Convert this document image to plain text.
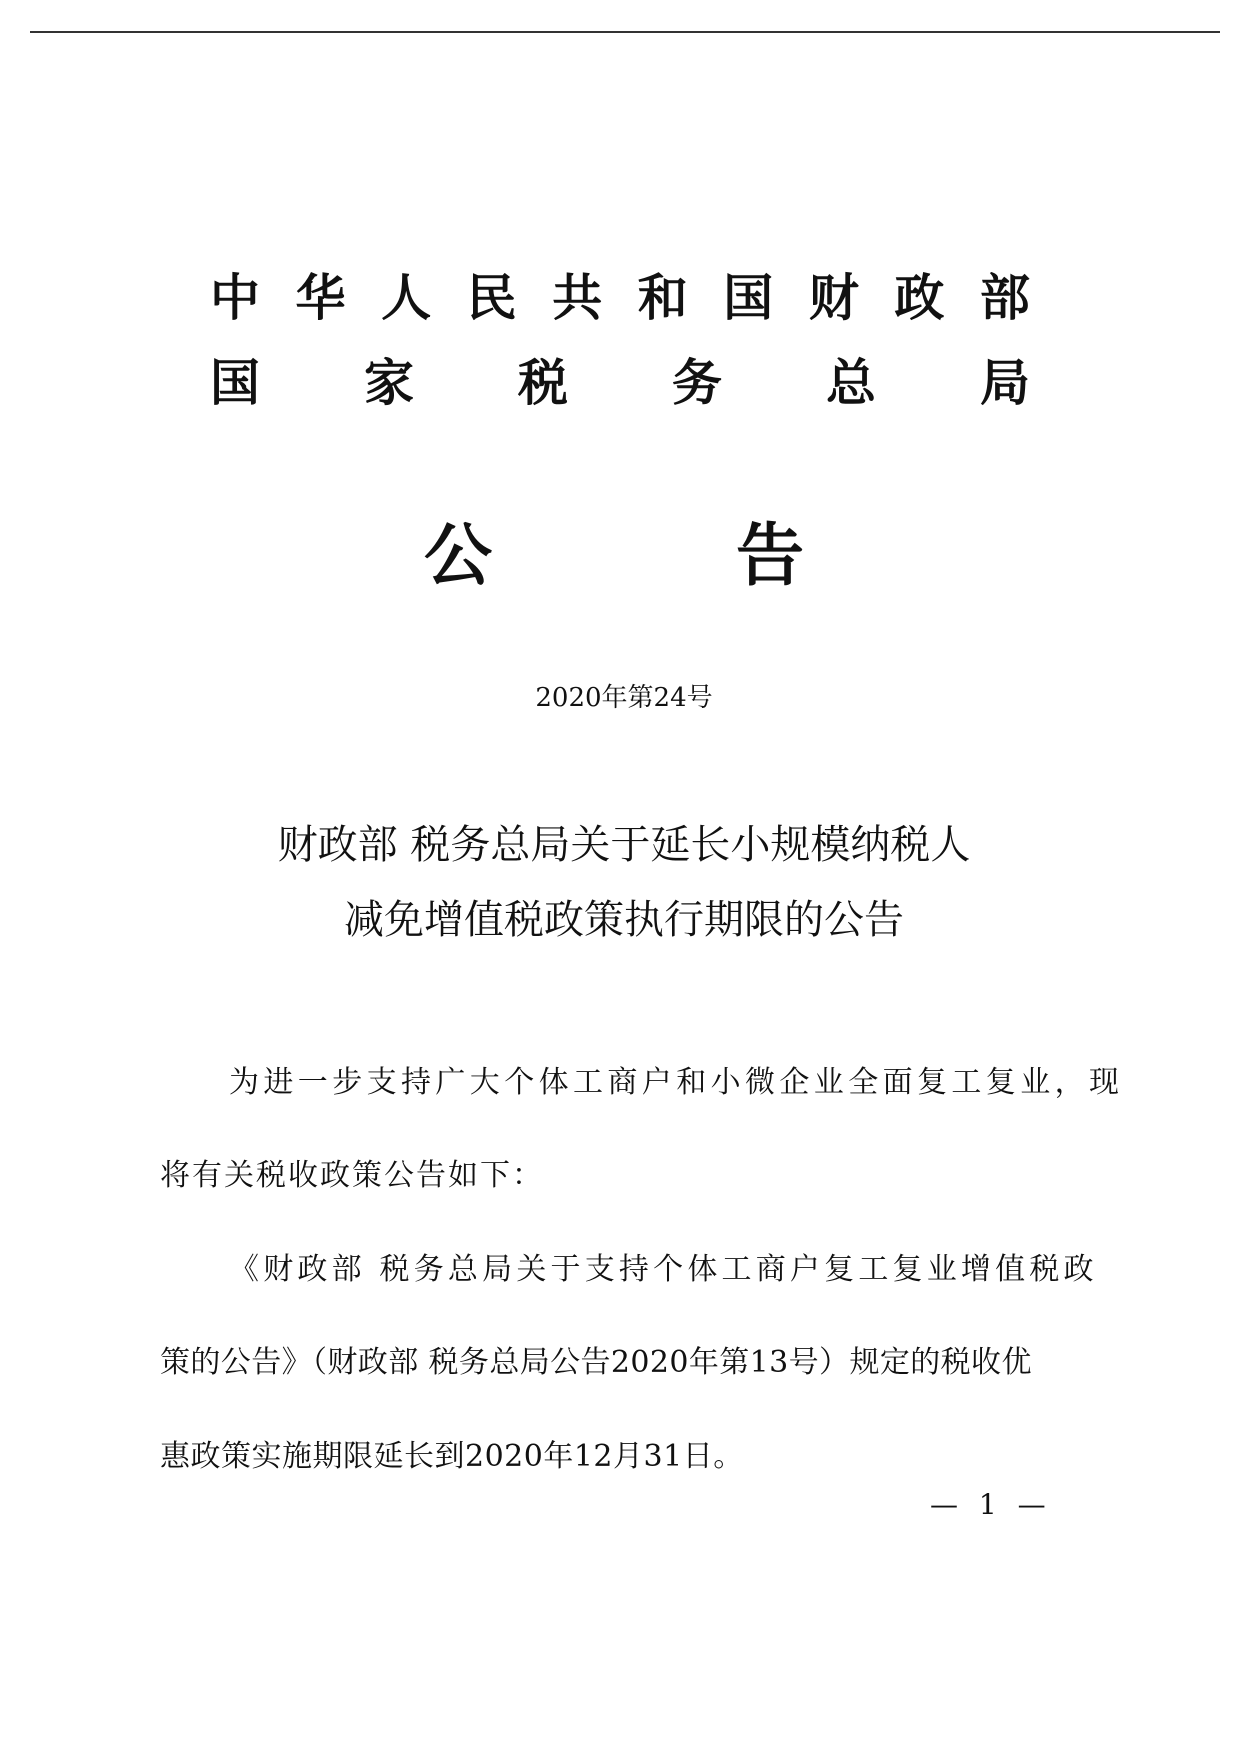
中 华 人 民 共 和 国 财 政 部
国 家 税 务 总 局
公	告
2020年第24号
财政部 税务总局关于延长小规模纳税人
减免增值税政策执行期限的公告
为进一步支持广大个体工商户和小微企业全面复工复业，现
将有关税收政策公告如下：
《财政部 税务总局关于支持个体工商户复工复业增值税政
策的公告》（财政部 税务总局公告2020年第13号）规定的税收优
惠政策实施期限延长到2020年12月31日。
— 1 —
